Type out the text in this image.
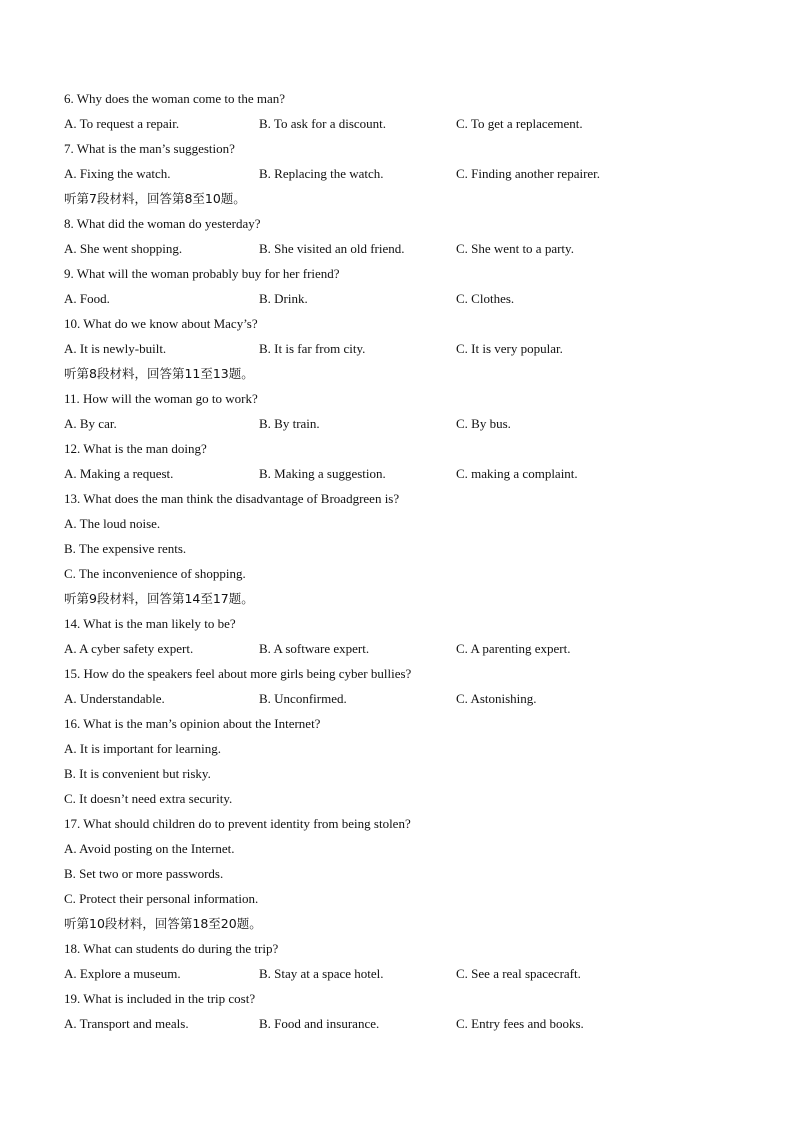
6. Why does the woman come to the man?
A. To request a repair.	B. To ask for a discount.	C. To get a replacement.
7. What is the man’s suggestion?
A. Fixing the watch.	B. Replacing the watch.	C. Finding another repairer.
听第7段材料，回答第8至10题。
8. What did the woman do yesterday?
A. She went shopping.	B. She visited an old friend.	C. She went to a party.
9. What will the woman probably buy for her friend?
A. Food.	B. Drink.	C. Clothes.
10. What do we know about Macy’s?
A. It is newly-built.	B. It is far from city.	C. It is very popular.
听第8段材料，回答第11至13题。
11. How will the woman go to work?
A. By car.	B. By train.	C. By bus.
12. What is the man doing?
A. Making a request.	B. Making a suggestion.	C. making a complaint.
13. What does the man think the disadvantage of Broadgreen is?
A. The loud noise.
B. The expensive rents.
C. The inconvenience of shopping.
听第9段材料，回答第14至17题。
14. What is the man likely to be?
A. A cyber safety expert.	B. A software expert.	C. A parenting expert.
15. How do the speakers feel about more girls being cyber bullies?
A. Understandable.	B. Unconfirmed.	C. Astonishing.
16. What is the man’s opinion about the Internet?
A. It is important for learning.
B. It is convenient but risky.
C. It doesn’t need extra security.
17. What should children do to prevent identity from being stolen?
A. Avoid posting on the Internet.
B. Set two or more passwords.
C. Protect their personal information.
听第10段材料，回答第18至20题。
18. What can students do during the trip?
A. Explore a museum.	B. Stay at a space hotel.	C. See a real spacecraft.
19. What is included in the trip cost?
A. Transport and meals.	B. Food and insurance.	C. Entry fees and books.
